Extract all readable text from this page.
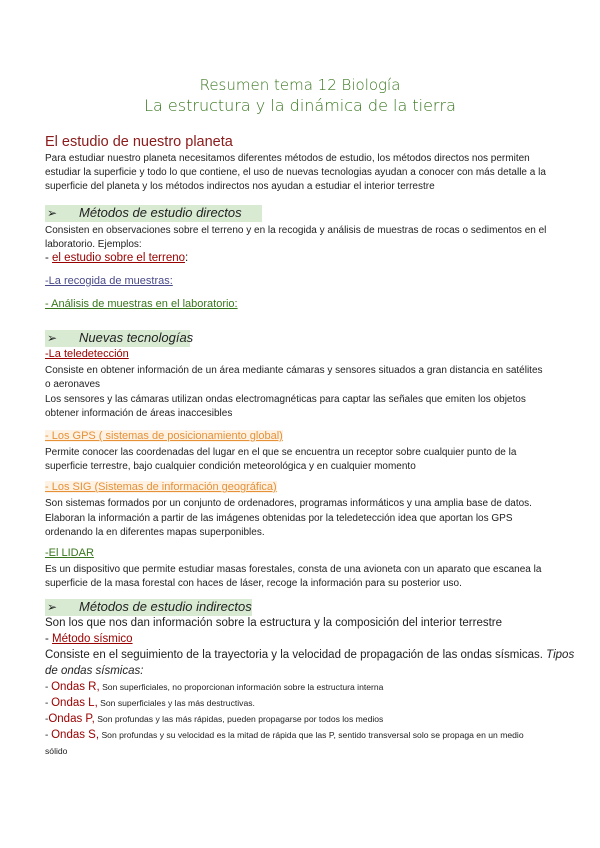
Resumen tema 12 Biología
La estructura y la dinámica de la tierra
El estudio de nuestro planeta
Para estudiar nuestro planeta necesitamos diferentes métodos de estudio, los métodos directos nos permiten
estudiar la superficie y todo lo que contiene, el uso de nuevas tecnologias ayudan a conocer con más detalle a la
superficie del planeta y los métodos indirectos nos ayudan a estudiar el interior terrestre
➢ Métodos de estudio directos
Consisten en observaciones sobre el terreno y en la recogida y análisis de muestras de rocas o sedimentos en el
laboratorio. Ejemplos:
- el estudio sobre el terreno:
-La recogida de muestras:
- Análisis de muestras en el laboratorio:
➢ Nuevas tecnologías
-La teledetección
Consiste en obtener información de un área mediante cámaras y sensores situados a gran distancia en satélites
o aeronaves
Los sensores y las cámaras utilizan ondas electromagnéticas para captar las señales que emiten los objetos
obtener información de áreas inaccesibles
- Los GPS ( sistemas de posicionamiento global)
Permite conocer las coordenadas del lugar en el que se encuentra un receptor sobre cualquier punto de la
superficie terrestre, bajo cualquier condición meteorológica y en cualquier momento
- Los SIG (Sistemas de información geográfica)
Son sistemas formados por un conjunto de ordenadores, programas informáticos y una amplia base de datos.
Elaboran la información a partir de las imágenes obtenidas por la teledetección idea que aportan los GPS
ordenando la en diferentes mapas superponibles.
-El LIDAR
Es un dispositivo que permite estudiar masas forestales, consta de una avioneta con un aparato que escanea la
superficie de la masa forestal con haces de láser, recoge la información para su posterior uso.
➢ Métodos de estudio indirectos
Son los que nos dan información sobre la estructura y la composición del interior terrestre
- Método sísmico
Consiste en el seguimiento de la trayectoria y la velocidad de propagación de las ondas sísmicas. Tipos
de ondas sísmicas:
- Ondas R, Son superficiales, no proporcionan información sobre la estructura interna
- Ondas L, Son superficiales y las más destructivas.
-Ondas P, Son profundas y las más rápidas, pueden propagarse por todos los medios
- Ondas S, Son profundas y su velocidad es la mitad de rápida que las P, sentido transversal solo se propaga en un medio
sólido
